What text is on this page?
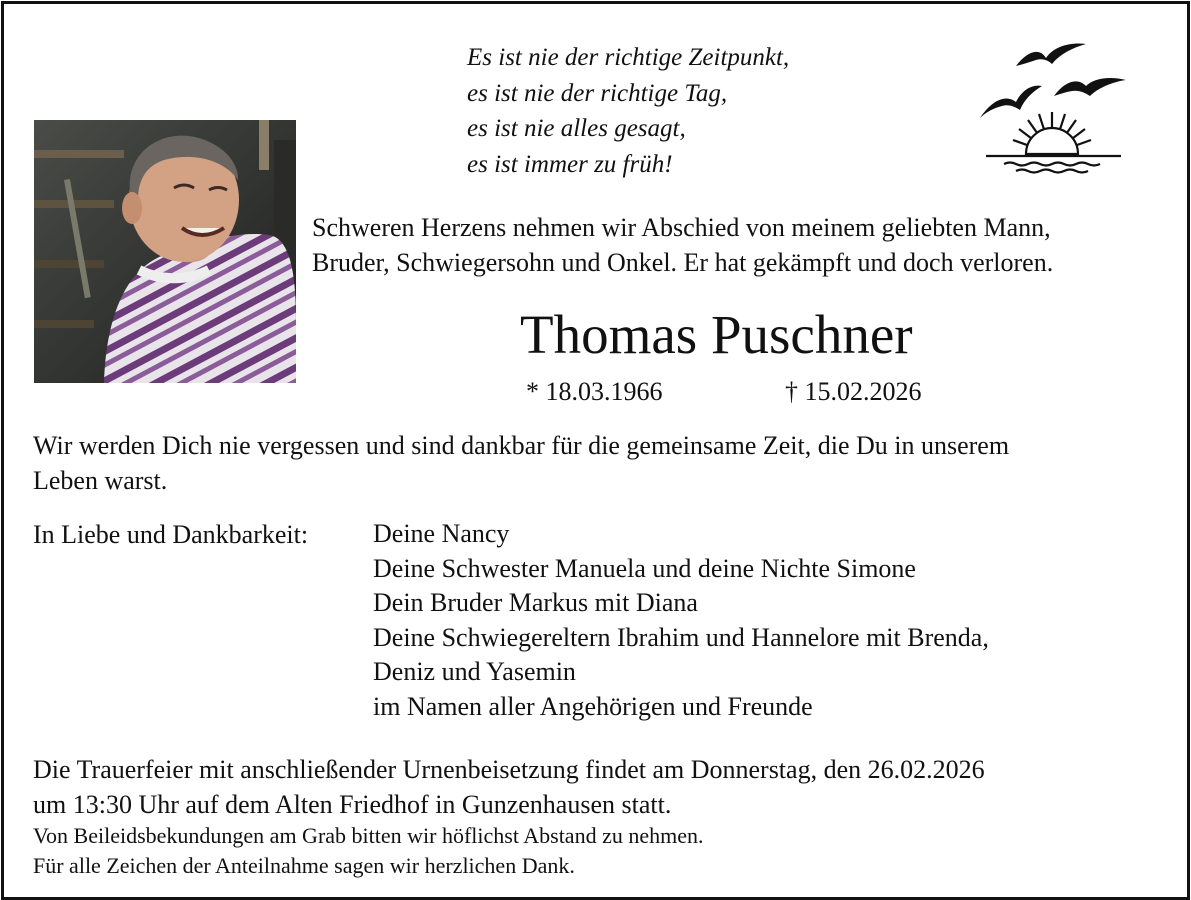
Es ist nie der richtige Zeitpunkt,
es ist nie der richtige Tag,
es ist nie alles gesagt,
es ist immer zu früh!
Schweren Herzens nehmen wir Abschied von meinem geliebten Mann,
Bruder, Schwiegersohn und Onkel. Er hat gekämpft und doch verloren.
Thomas Puschner
* 18.03.1966	† 15.02.2026
Wir werden Dich nie vergessen und sind dankbar für die gemeinsame Zeit, die Du in unserem
Leben warst.
In Liebe und Dankbarkeit: Deine Nancy
Deine Schwester Manuela und deine Nichte Simone
Dein Bruder Markus mit Diana
Deine Schwiegereltern Ibrahim und Hannelore mit Brenda,
Deniz und Yasemin
im Namen aller Angehörigen und Freunde
Die Trauerfeier mit anschließender Urnenbeisetzung findet am Donnerstag, den 26.02.2026
um 13:30 Uhr auf dem Alten Friedhof in Gunzenhausen statt.
Von Beileidsbekundungen am Grab bitten wir höflichst Abstand zu nehmen.
Für alle Zeichen der Anteilnahme sagen wir herzlichen Dank.
